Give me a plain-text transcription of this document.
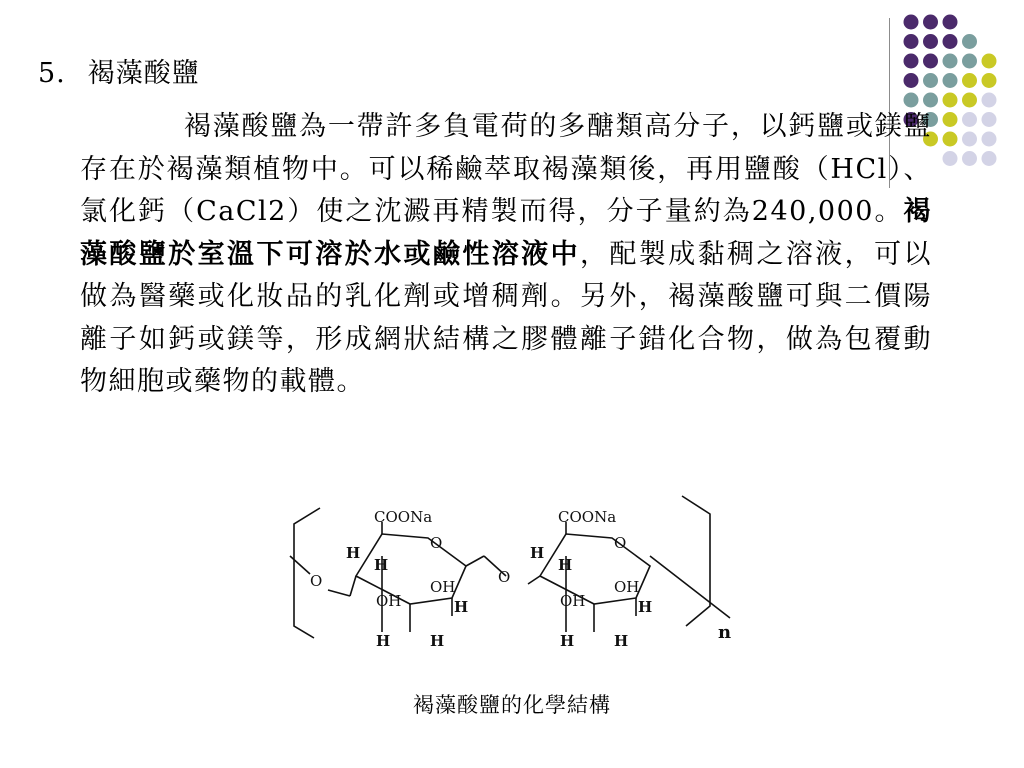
5. 褐藻酸鹽
褐藻酸鹽為一帶許多負電荷的多醣類高分子，以鈣鹽或鎂鹽存在於褐藻類植物中。可以稀鹼萃取褐藻類後，再用鹽酸（HCl）、氯化鈣（CaCl2）使之沈澱再精製而得，分子量約為240,000。褐藻酸鹽於室溫下可溶於水或鹼性溶液中，配製成黏稠之溶液，可以做為醫藥或化妝品的乳化劑或增稠劑。另外，褐藻酸鹽可與二價陽離子如鈣或鎂等，形成網狀結構之膠體離子錯化合物，做為包覆動物細胞或藥物的載體。
COONa
O
H
H
OH
OH
H
H	H
O	O
COONa
O
H
H
OH
OH
H
H	H	n
褐藻酸鹽的化學結構
